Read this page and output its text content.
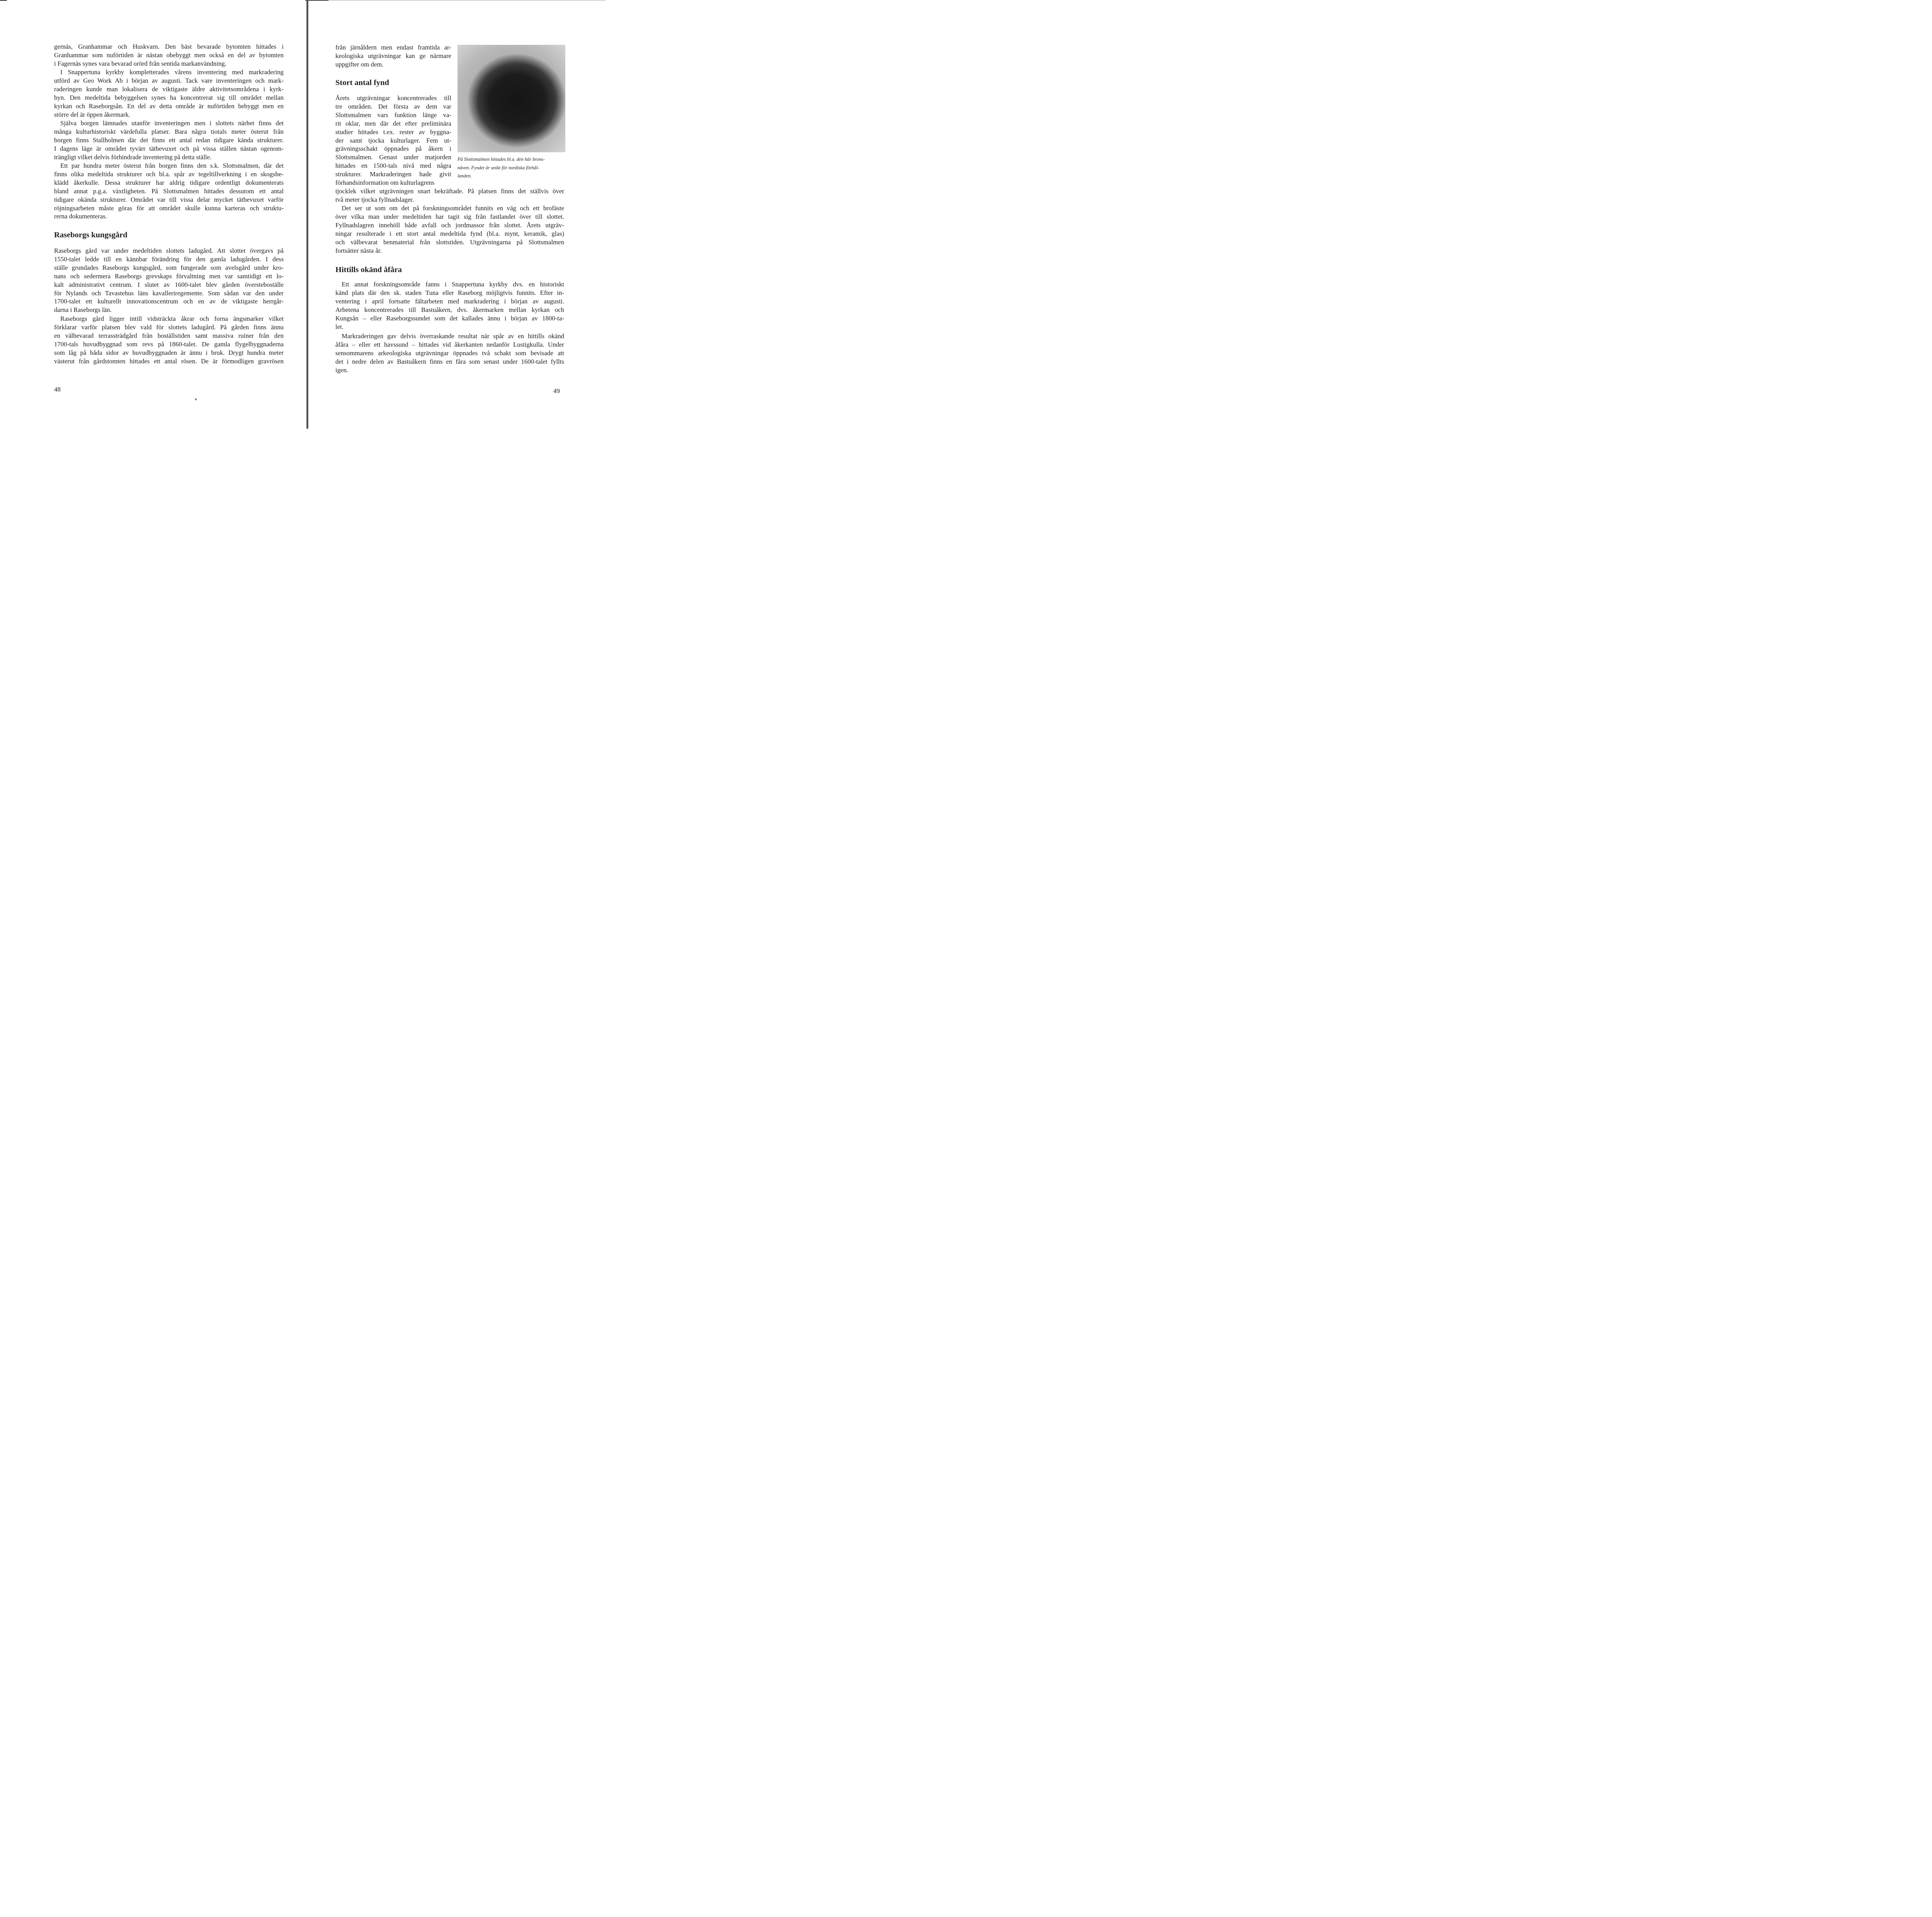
gernäs, Granhammar och Huskvarn. Den bäst bevarade bytomten hittades i
Granhammar som nuförtiden är nästan obebyggt men också en del av bytomten
i Fagernäs synes vara bevarad orörd från sentida markanvändning.
I Snappertuna kyrkby kompletterades vårens inventering med markradering
utförd av Geo Work Ab i början av augusti. Tack vare inventeringen och mark-
raderingen kunde man lokalisera de viktigaste äldre aktivitetsområdena i kyrk-
byn. Den medeltida bebyggelsen synes ha koncentrerat sig till området mellan
kyrkan och Raseborgsån. En del av detta område är nuförtiden bebyggt men en
större del är öppen åkermark.
Själva borgen lämnades utanför inventeringen men i slottets närhet finns det
många kulturhistoriskt värdefulla platser. Bara några tiotals meter österut från
borgen finns Stallholmen där det finns ett antal redan tidigare kända strukturer.
I dagens läge är området tyvärr tätbevuxet och på vissa ställen nästan ogenom-
trängligt vilket delvis förhindrade inventering på detta ställe.
Ett par hundra meter österut från borgen finns den s.k. Slottsmalmen, där det
finns olika medeltida strukturer och bl.a. spår av tegeltillverkning i en skogsbe-
klädd åkerkulle. Dessa strukturer har aldrig tidigare ordentligt dokumenterats
bland annat p.g.a. växtligheten. På Slottsmalmen hittades dessutom ett antal
tidigare okända strukturer. Området var till vissa delar mycket tätbevuxet varför
röjningsarbeten måste göras för att området skulle kunna karteras och struktu-
rerna dokumenteras.
Raseborgs kungsgård
Raseborgs gård var under medeltiden slottets ladugård. Att slottet övergavs på
1550-talet ledde till en kännbar förändring för den gamla ladugården. I dess
ställe grundades Raseborgs kungsgård, som fungerade som avelsgård under kro-
nans och sedermera Raseborgs grevskaps förvaltning men var samtidigt ett lo-
kalt administrativt centrum. I slutet av 1600-talet blev gården översteboställe
för Nylands och Tavastehus läns kavalleriregemente. Som sådan var den under
1700-talet ett kulturellt innovationscentrum och en av de viktigaste herrgår-
darna i Raseborgs län.
Raseborgs gård ligger intill vidsträckta åkrar och forna ängsmarker vilket
förklarar varför platsen blev vald för slottets ladugård. På gården finns ännu
en välbevarad terrassträdgård från boställstiden samt massiva ruiner från den
1700-tals huvudbyggnad som revs på 1860-talet. De gamla flygelbyggnaderna
som låg på båda sidor av huvudbyggnaden är ännu i bruk. Drygt hundra meter
västerut från gårdstomten hittades ett antal rösen. De är förmodligen gravrösen

48

▾
från järnåldern men endast framtida ar-
keologiska utgrävningar kan ge närmare
uppgifter om dem.
Stort antal fynd
Årets utgrävningar koncentrerades till
tre områden. Det första av dem var
Slottsmalmen vars funktion länge va-
rit oklar, men där det efter preliminära
studier hittades t.ex. rester av byggna-
der samt tjocka kulturlager. Fem ut-
grävningsschakt öppnades på åkern i
Slottsmalmen. Genast under matjorden
hittades en 1500-tals nivå med några
strukturer. Markraderingen hade givit
förhandsinformation om kulturlagrens
tjocklek vilket utgrävningen snart bekräftade. På platsen finns det ställvis över
två meter tjocka fyllnadslager.
Det ser ut som om det på forskningsområdet funnits en väg och ett brofäste
över vilka man under medeltiden har tagit sig från fastlandet över till slottet.
Fyllnadslagren innehöll både avfall och jordmassor från slottet. Årets utgräv-
ningar resulterade i ett stort antal medeltida fynd (bl.a. mynt, keramik, glas)
och välbevarat benmaterial från slottstiden. Utgrävningarna på Slottsmalmen
fortsätter nästa år.
Hittills okänd åfåra
Ett annat forskningsområde fanns i Snappertuna kyrkby dvs. en historiskt
känd plats där den sk. staden Tuna eller Raseborg möjligtvis funnits. Efter in-
ventering i april fortsatte fältarbeten med markradering i början av augusti.
Arbetena koncentrerades till Bastuåkern, dvs. åkermarken mellan kyrkan och
Kungsån – eller Raseborgssundet som det kallades ännu i början av 1800-ta-
let.
Markraderingen gav delvis överraskande resultat när spår av en hittills okänd
åfåra – eller ett havssund – hittades vid åkerkanten nedanför Lustigkulla. Under
sensommarens arkeologiska utgrävningar öppnades två schakt som bevisade att
det i nedre delen av Bastuåkern finns en fåra som senast under 1600-talet fyllts
igen.

På Slottsmalmen hittades bl.a. den här brons-
näven. Fyndet är unikt för nordiska förhål-
landen.

49
